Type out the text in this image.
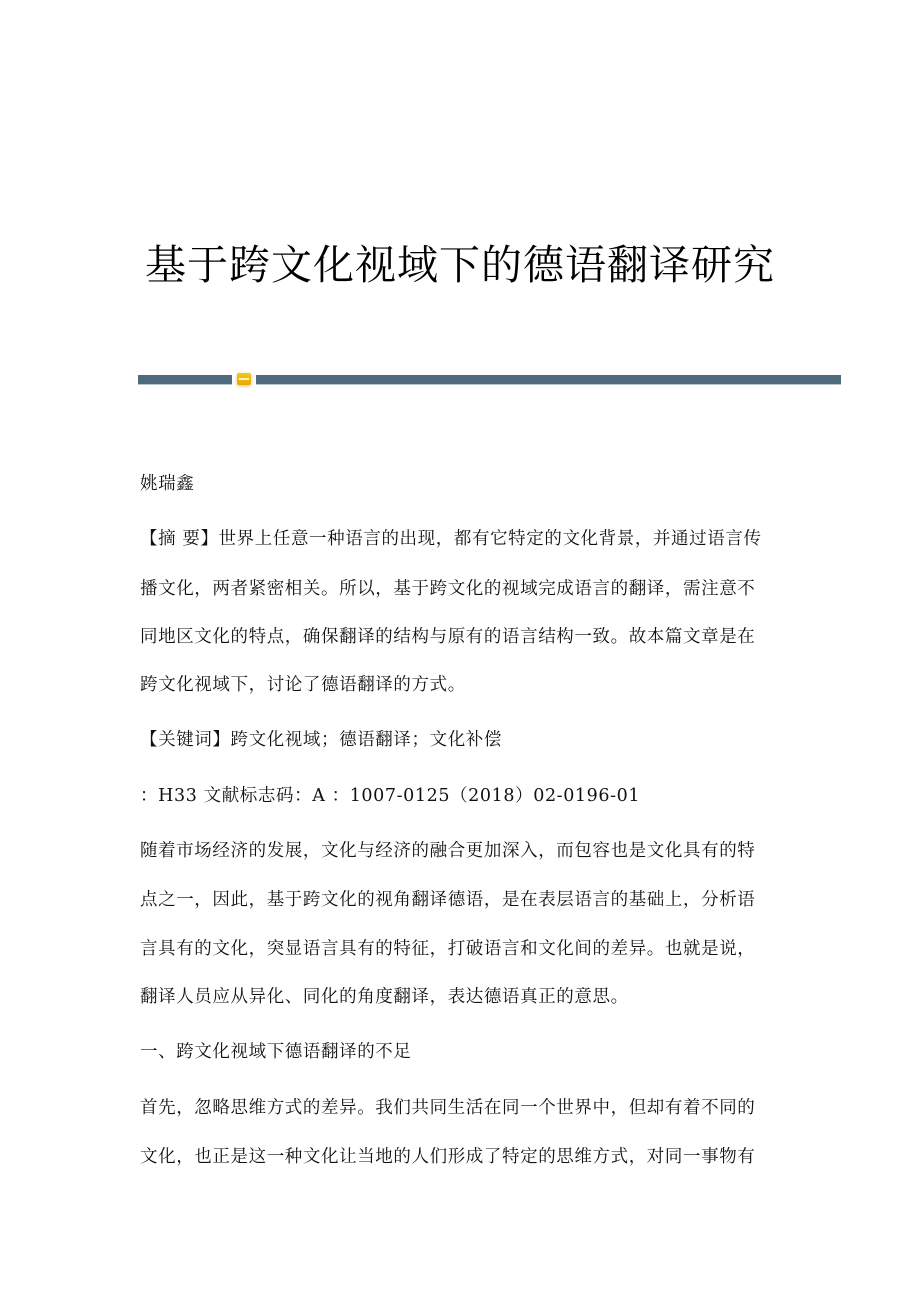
基于跨文化视域下的德语翻译研究
姚瑞鑫
【摘 要】世界上任意一种语言的出现，都有它特定的文化背景，并通过语言传
播文化，两者紧密相关。所以，基于跨文化的视域完成语言的翻译，需注意不
同地区文化的特点，确保翻译的结构与原有的语言结构一致。故本篇文章是在
跨文化视域下，讨论了德语翻译的方式。
【关键词】跨文化视域；德语翻译；文化补偿
：H33 文献标志码：A ：1007-0125（2018）02-0196-01
随着市场经济的发展，文化与经济的融合更加深入，而包容也是文化具有的特
点之一，因此，基于跨文化的视角翻译德语，是在表层语言的基础上，分析语
言具有的文化，突显语言具有的特征，打破语言和文化间的差异。也就是说，
翻译人员应从异化、同化的角度翻译，表达德语真正的意思。
一、跨文化视域下德语翻译的不足
首先，忽略思维方式的差异。我们共同生活在同一个世界中，但却有着不同的
文化，也正是这一种文化让当地的人们形成了特定的思维方式，对同一事物有
